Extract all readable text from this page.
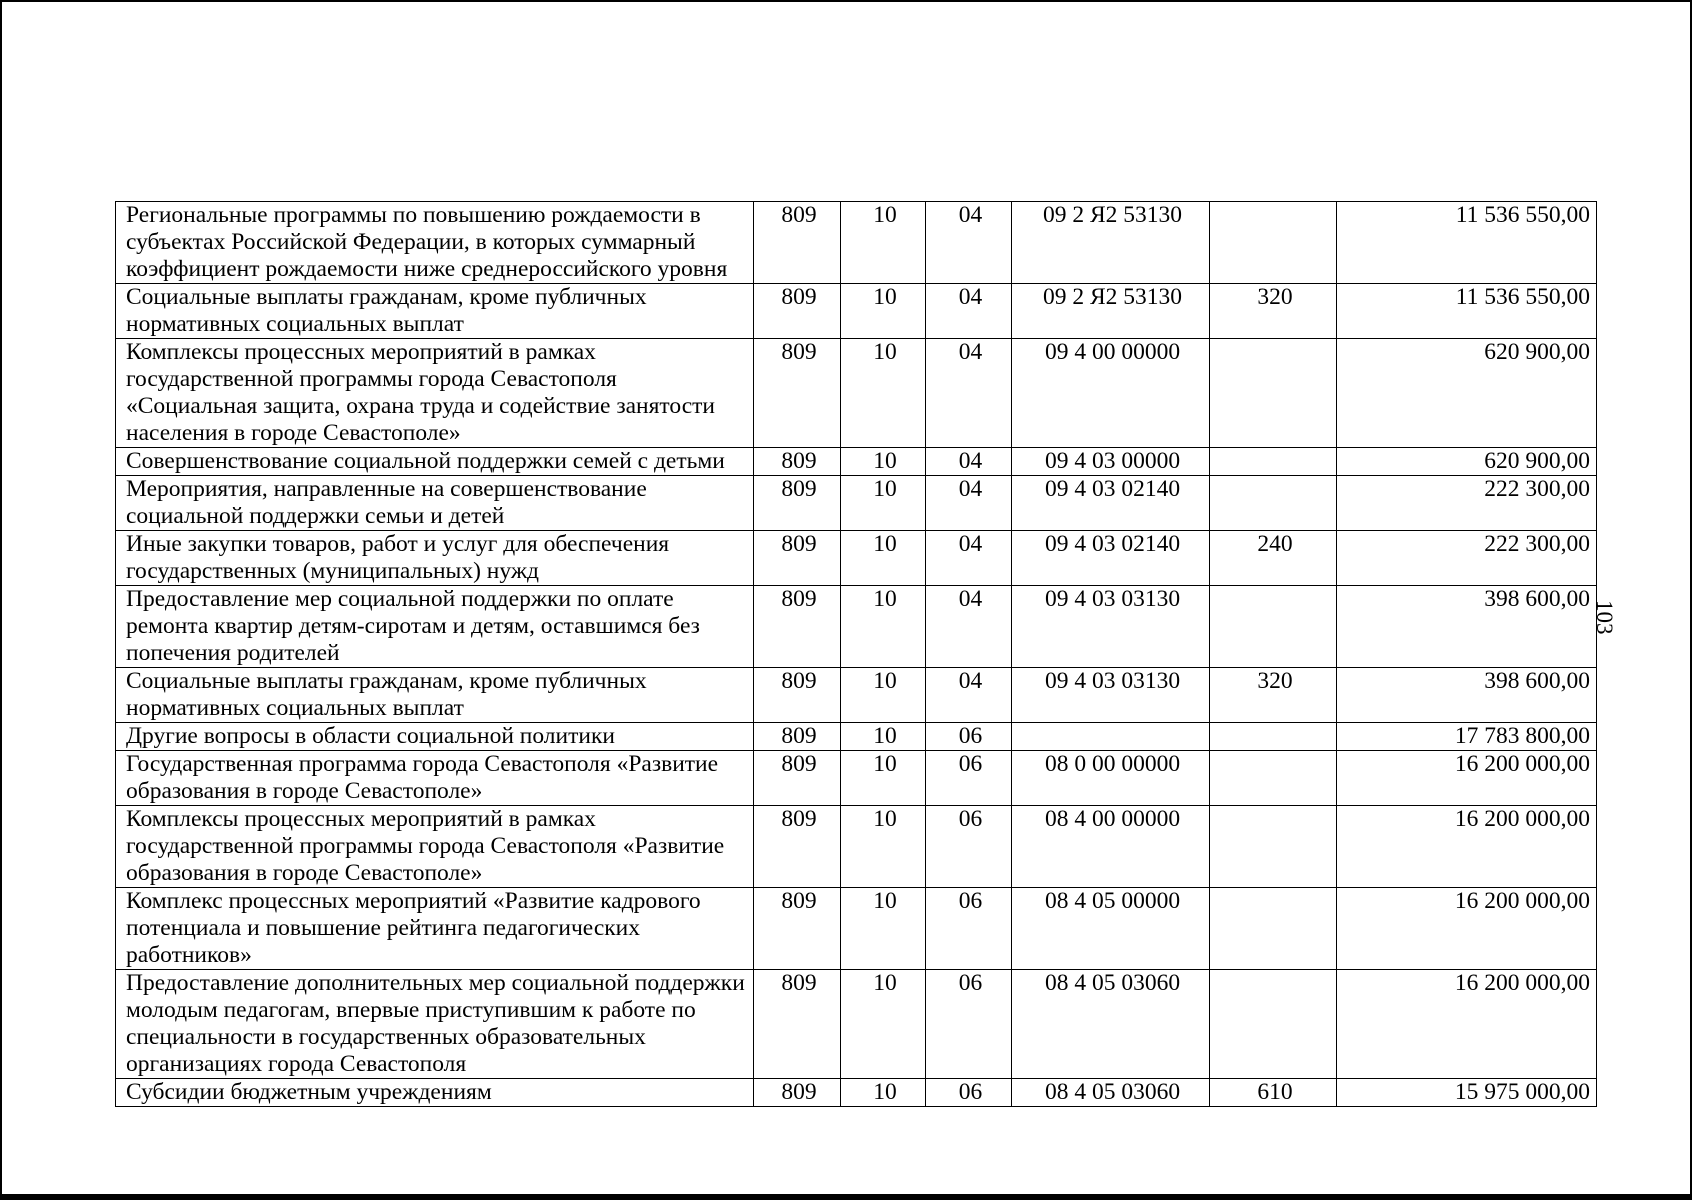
Региональные программы по повышению рождаемости в субъектах Российской Федерации, в которых суммарный коэффициент рождаемости ниже среднероссийского уровня	809	10	04	09 2 Я2 53130		11 536 550,00
Социальные выплаты гражданам, кроме публичных нормативных социальных выплат	809	10	04	09 2 Я2 53130	320	11 536 550,00
Комплексы процессных мероприятий в рамках государственной программы города Севастополя «Социальная защита, охрана труда и содействие занятости населения в городе Севастополе»	809	10	04	09 4 00 00000		620 900,00
Совершенствование социальной поддержки семей с детьми	809	10	04	09 4 03 00000		620 900,00
Мероприятия, направленные на совершенствование социальной поддержки семьи и детей	809	10	04	09 4 03 02140		222 300,00
Иные закупки товаров, работ и услуг для обеспечения государственных (муниципальных) нужд	809	10	04	09 4 03 02140	240	222 300,00
Предоставление мер социальной поддержки по оплате ремонта квартир детям-сиротам и детям, оставшимся без попечения родителей	809	10	04	09 4 03 03130		398 600,00
Социальные выплаты гражданам, кроме публичных нормативных социальных выплат	809	10	04	09 4 03 03130	320	398 600,00
Другие вопросы в области социальной политики	809	10	06			17 783 800,00
Государственная программа города Севастополя «Развитие образования в городе Севастополе»	809	10	06	08 0 00 00000		16 200 000,00
Комплексы процессных мероприятий в рамках государственной программы города Севастополя «Развитие образования в городе Севастополе»	809	10	06	08 4 00 00000		16 200 000,00
Комплекс процессных мероприятий «Развитие кадрового потенциала и повышение рейтинга педагогических работников»	809	10	06	08 4 05 00000		16 200 000,00
Предоставление дополнительных мер социальной поддержки молодым педагогам, впервые приступившим к работе по специальности в государственных образовательных организациях города Севастополя	809	10	06	08 4 05 03060		16 200 000,00
Субсидии бюджетным учреждениям	809	10	06	08 4 05 03060	610	15 975 000,00
103
